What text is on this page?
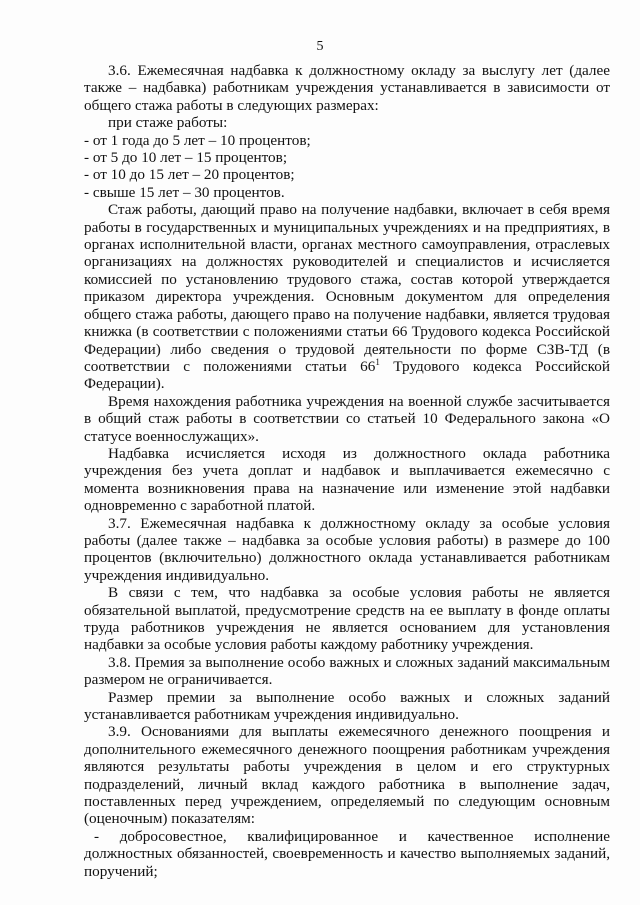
5

3.6. Ежемесячная надбавка к должностному окладу за выслугу лет (далее также – надбавка) работникам учреждения устанавливается в зависимости от общего стажа работы в следующих размерах:

при стаже работы:

- от 1 года до 5 лет – 10 процентов;

- от 5 до 10 лет – 15 процентов;

- от 10 до 15 лет – 20 процентов;

- свыше 15 лет – 30 процентов.

Стаж работы, дающий право на получение надбавки, включает в себя время работы в государственных и муниципальных учреждениях и на предприятиях, в органах исполнительной власти, органах местного самоуправления, отраслевых организациях на должностях руководителей и специалистов и исчисляется комиссией по установлению трудового стажа, состав которой утверждается приказом директора учреждения. Основным документом для определения общего стажа работы, дающего право на получение надбавки, является трудовая книжка (в соответствии с положениями статьи 66 Трудового кодекса Российской Федерации) либо сведения о трудовой деятельности по форме СЗВ-ТД (в соответствии с положениями статьи $66^1$ Трудового кодекса Российской Федерации).

Время нахождения работника учреждения на военной службе засчитывается в общий стаж работы в соответствии со статьей 10 Федерального закона «О статусе военнослужащих».

Надбавка исчисляется исходя из должностного оклада работника учреждения без учета доплат и надбавок и выплачивается ежемесячно с момента возникновения права на назначение или изменение этой надбавки одновременно с заработной платой.

3.7. Ежемесячная надбавка к должностному окладу за особые условия работы (далее также – надбавка за особые условия работы) в размере до 100 процентов (включительно) должностного оклада устанавливается работникам учреждения индивидуально.

В связи с тем, что надбавка за особые условия работы не является обязательной выплатой, предусмотрение средств на ее выплату в фонде оплаты труда работников учреждения не является основанием для установления надбавки за особые условия работы каждому работнику учреждения.

3.8. Премия за выполнение особо важных и сложных заданий максимальным размером не ограничивается.

Размер премии за выполнение особо важных и сложных заданий устанавливается работникам учреждения индивидуально.

3.9. Основаниями для выплаты ежемесячного денежного поощрения и дополнительного ежемесячного денежного поощрения работникам учреждения являются результаты работы учреждения в целом и его структурных подразделений, личный вклад каждого работника в выполнение задач, поставленных перед учреждением, определяемый по следующим основным (оценочным) показателям:

- добросовестное, квалифицированное и качественное исполнение должностных обязанностей, своевременность и качество выполняемых заданий, поручений;
